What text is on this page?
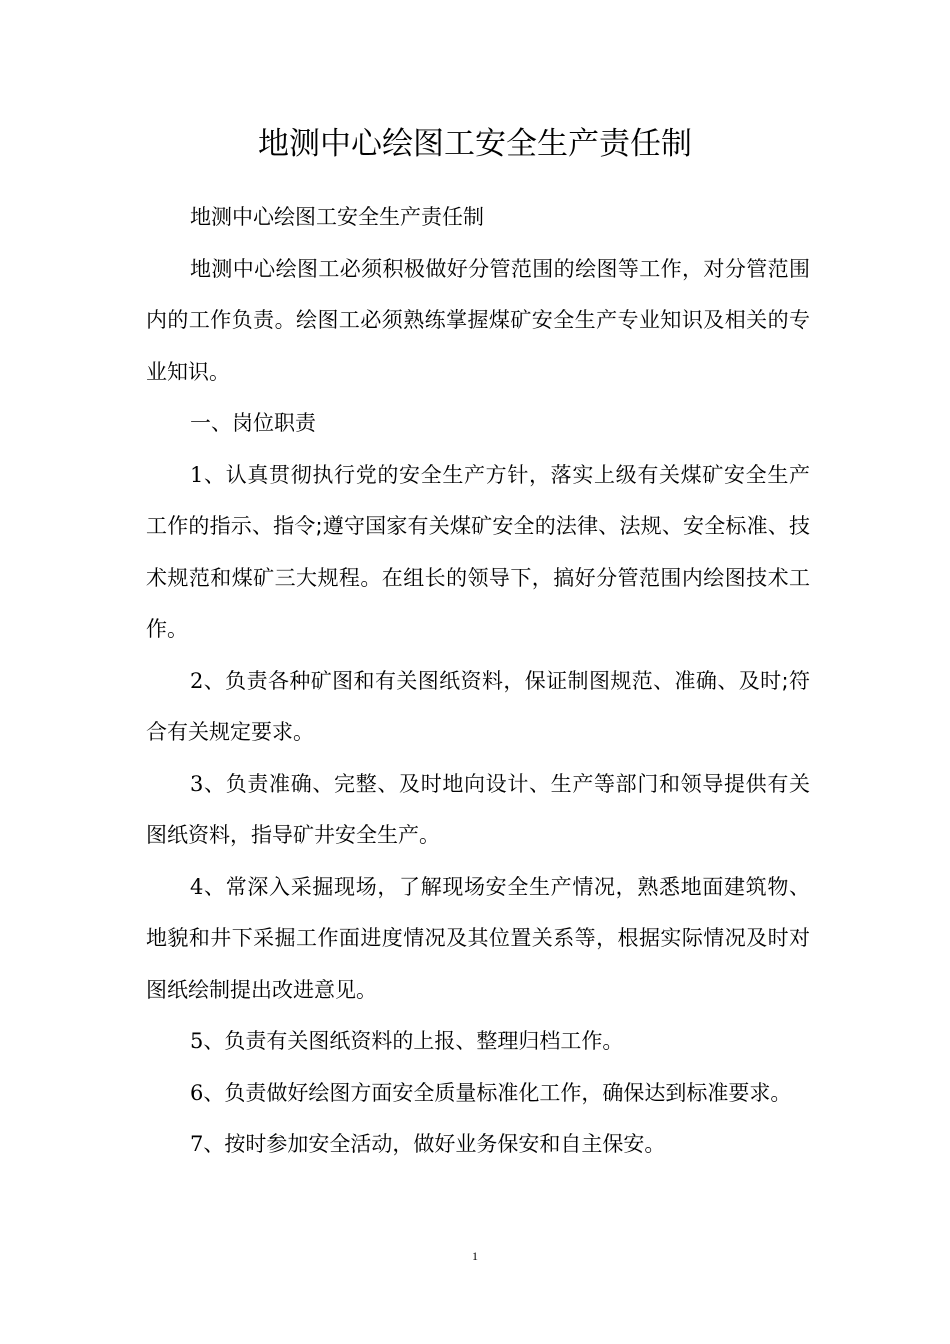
地测中心绘图工安全生产责任制

地测中心绘图工安全生产责任制

地测中心绘图工必须积极做好分管范围的绘图等工作，对分管范围内的工作负责。绘图工必须熟练掌握煤矿安全生产专业知识及相关的专业知识。

一、岗位职责

1、认真贯彻执行党的安全生产方针，落实上级有关煤矿安全生产工作的指示、指令;遵守国家有关煤矿安全的法律、法规、安全标准、技术规范和煤矿三大规程。在组长的领导下，搞好分管范围内绘图技术工作。

2、负责各种矿图和有关图纸资料，保证制图规范、准确、及时;符合有关规定要求。

3、负责准确、完整、及时地向设计、生产等部门和领导提供有关图纸资料，指导矿井安全生产。

4、常深入采掘现场，了解现场安全生产情况，熟悉地面建筑物、地貌和井下采掘工作面进度情况及其位置关系等，根据实际情况及时对图纸绘制提出改进意见。

5、负责有关图纸资料的上报、整理归档工作。

6、负责做好绘图方面安全质量标准化工作，确保达到标准要求。

7、按时参加安全活动，做好业务保安和自主保安。

1
